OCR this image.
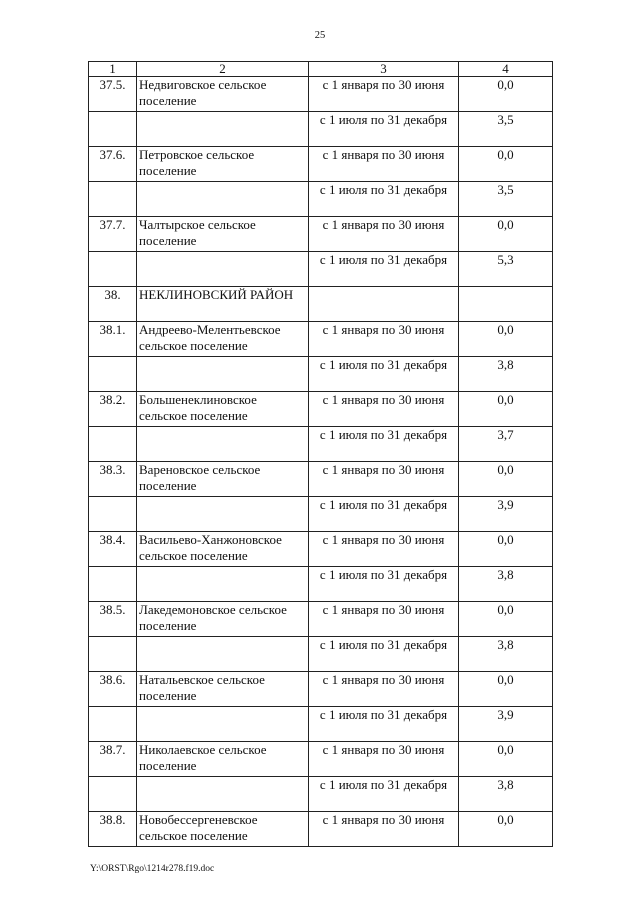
25
1	2	3	4
37.5.	Недвиговское сельское поселение	с 1 января по 30 июня	0,0
		с 1 июля по 31 декабря	3,5
37.6.	Петровское сельское поселение	с 1 января по 30 июня	0,0
		с 1 июля по 31 декабря	3,5
37.7.	Чалтырское сельское поселение	с 1 января по 30 июня	0,0
		с 1 июля по 31 декабря	5,3
38.	НЕКЛИНОВСКИЙ РАЙОН		
38.1.	Андреево-Мелентьевское сельское поселение	с 1 января по 30 июня	0,0
		с 1 июля по 31 декабря	3,8
38.2.	Большенеклиновское сельское поселение	с 1 января по 30 июня	0,0
		с 1 июля по 31 декабря	3,7
38.3.	Вареновское сельское поселение	с 1 января по 30 июня	0,0
		с 1 июля по 31 декабря	3,9
38.4.	Васильево-Ханжоновское сельское поселение	с 1 января по 30 июня	0,0
		с 1 июля по 31 декабря	3,8
38.5.	Лакедемоновское сельское поселение	с 1 января по 30 июня	0,0
		с 1 июля по 31 декабря	3,8
38.6.	Натальевское сельское поселение	с 1 января по 30 июня	0,0
		с 1 июля по 31 декабря	3,9
38.7.	Николаевское сельское поселение	с 1 января по 30 июня	0,0
		с 1 июля по 31 декабря	3,8
38.8.	Новобессергеневское сельское поселение	с 1 января по 30 июня	0,0
Y:\ORST\Rgo\1214r278.f19.doc
